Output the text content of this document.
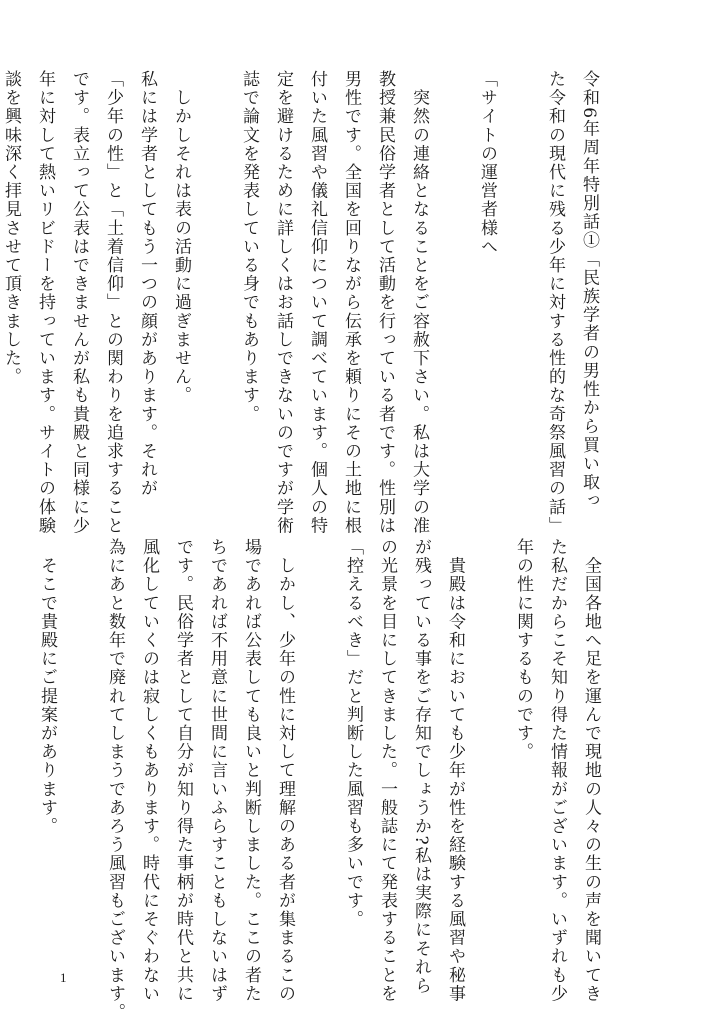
令和6年周年特別話①「民族学者の男性から買い取っ

た令和の現代に残る少年に対する性的な奇祭風習の話」

「サイトの運営者様へ

　突然の連絡となることをご容赦下さい。私は大学の准

教授兼民俗学者として活動を行っている者です。性別は

男性です。全国を回りながら伝承を頼りにその土地に根

付いた風習や儀礼信仰について調べています。個人の特

定を避けるために詳しくはお話しできないのですが学術

誌で論文を発表している身でもあります。

　しかしそれは表の活動に過ぎません。

私には学者としてもう一つの顔があります。それが

「少年の性」と「土着信仰」との関わりを追求すること

です。表立って公表はできませんが私も貴殿と同様に少

年に対して熱いリビドーを持っています。サイトの体験

談を興味深く拝見させて頂きました。

　全国各地へ足を運んで現地の人々の生の声を聞いてき

た私だからこそ知り得た情報がございます。いずれも少

年の性に関するものです。

　貴殿は令和においても少年が性を経験する風習や秘事

が残っている事をご存知でしょうか?私は実際にそれら

の光景を目にしてきました。一般誌にて発表することを

「控えるべき」だと判断した風習も多いです。

　しかし、少年の性に対して理解のある者が集まるこの

場であれば公表しても良いと判断しました。ここの者た

ちであれば不用意に世間に言いふらすこともしないはず

です。民俗学者として自分が知り得た事柄が時代と共に

風化していくのは寂しくもあります。時代にそぐわない

為にあと数年で廃れてしまうであろう風習もございます。

　そこで貴殿にご提案があります。

1
